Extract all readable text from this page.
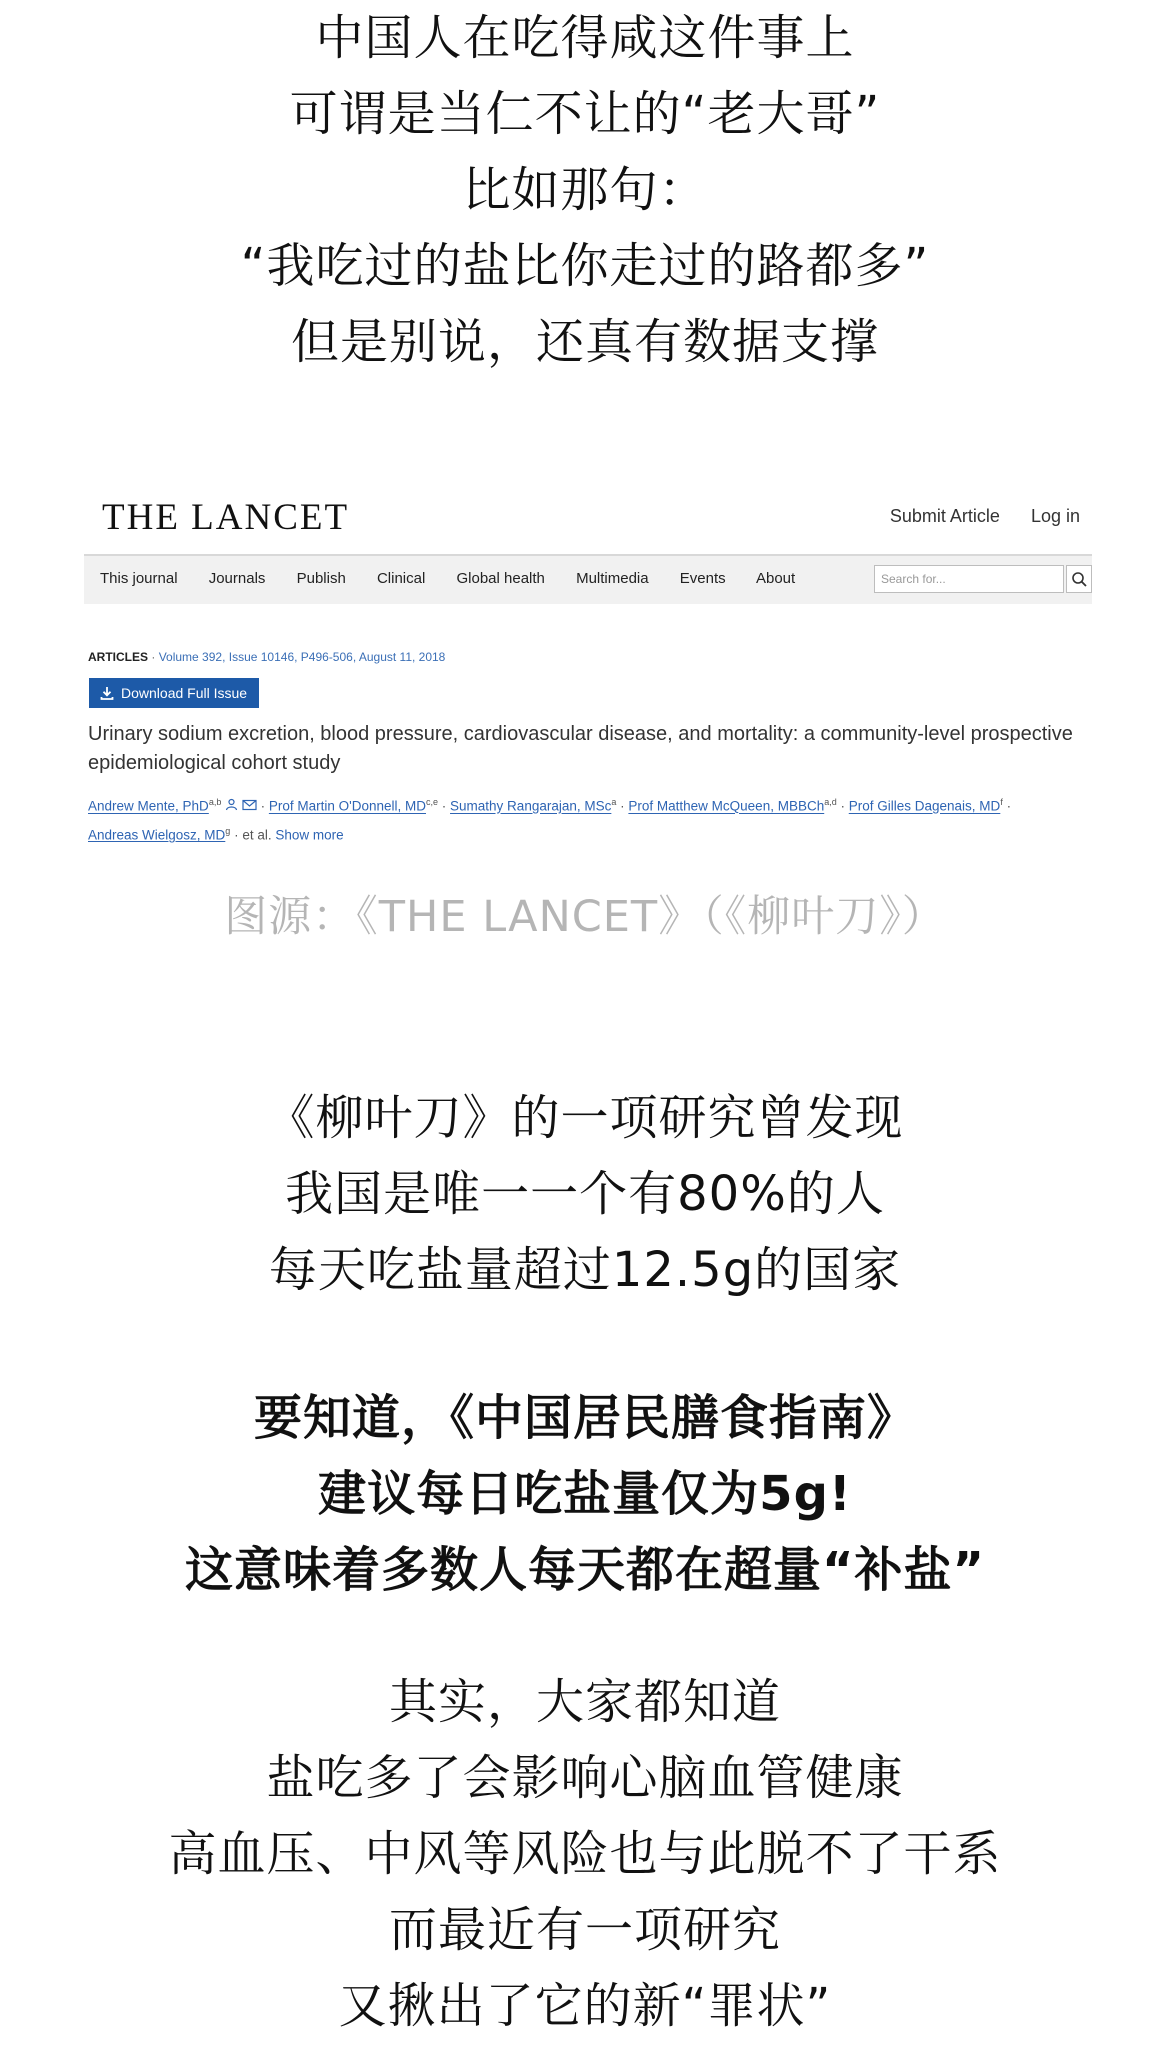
中国人在吃得咸这件事上
可谓是当仁不让的“老大哥”
比如那句：
“我吃过的盐比你走过的路都多”
但是别说，还真有数据支撑
THE LANCET	Submit Article Log in
This journal Journals Publish Clinical Global health Multimedia Events About	Search for...
ARTICLES · Volume 392, Issue 10146, P496-506, August 11, 2018
Download Full Issue
Urinary sodium excretion, blood pressure, cardiovascular disease, and mortality: a community-level prospective epidemiological cohort study
Andrew Mente, PhD$^{a,b}$	· Prof Martin O'Donnell, MD$^{c,e}$ · Sumathy Rangarajan, MSc$^a$ · Prof Matthew McQueen, MBBCh$^{a,d}$ · Prof Gilles Dagenais, $MD^f$ ·
Andreas Wielgosz, $MD^g$ · et al. Show more
图源：《THE LANCET》（《柳叶刀》）
《柳叶刀》的一项研究曾发现
我国是唯一一个有80%的人
每天吃盐量超过12.5g的国家
要知道，《中国居民膳食指南》
建议每日吃盐量仅为5g!
这意味着多数人每天都在超量“补盐”
其实，大家都知道
盐吃多了会影响心脑血管健康
高血压、中风等风险也与此脱不了干系
而最近有一项研究
又揪出了它的新“罪状”
